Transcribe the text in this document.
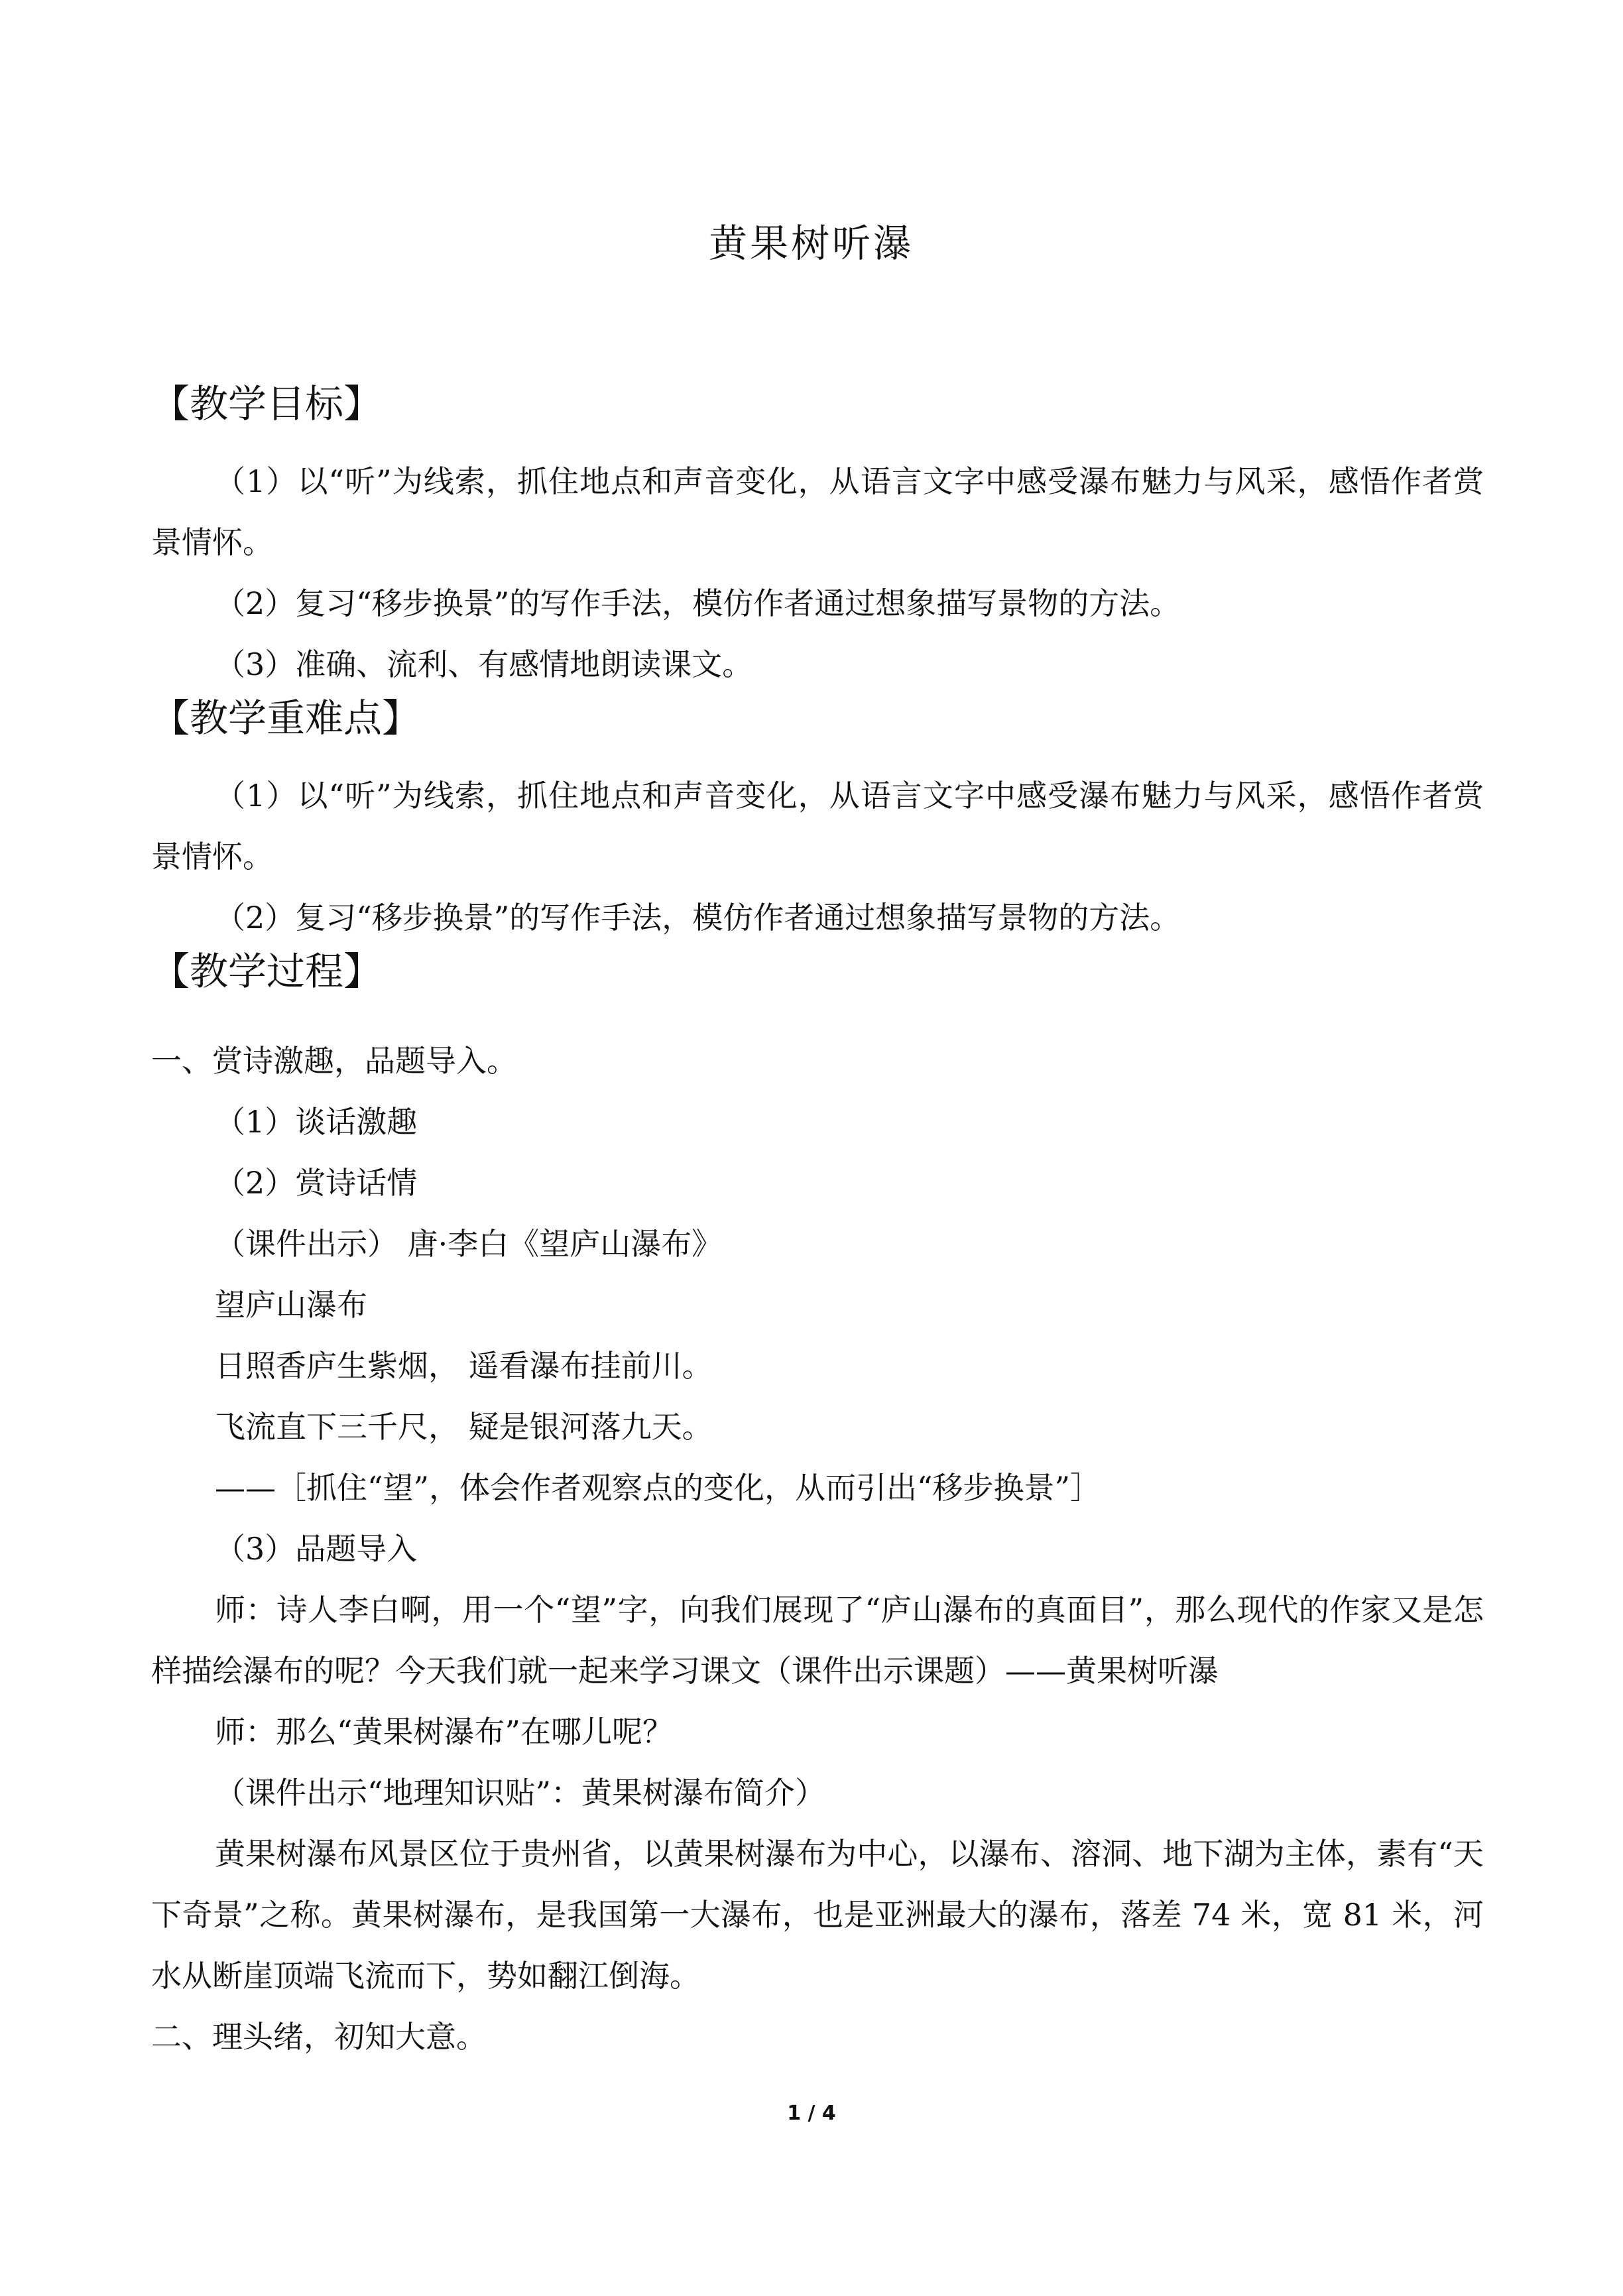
黄果树听瀑
【教学目标】
（1）以“听”为线索，抓住地点和声音变化，从语言文字中感受瀑布魅力与风采，感悟作者赏景情怀。
（2）复习“移步换景”的写作手法，模仿作者通过想象描写景物的方法。
（3）准确、流利、有感情地朗读课文。
【教学重难点】
（1）以“听”为线索，抓住地点和声音变化，从语言文字中感受瀑布魅力与风采，感悟作者赏景情怀。
（2）复习“移步换景”的写作手法，模仿作者通过想象描写景物的方法。
【教学过程】
一、赏诗激趣，品题导入。
（1）谈话激趣
（2）赏诗话情
（课件出示） 唐·李白《望庐山瀑布》
望庐山瀑布
日照香庐生紫烟， 遥看瀑布挂前川。
飞流直下三千尺， 疑是银河落九天。
——［抓住“望”，体会作者观察点的变化，从而引出“移步换景”］
（3）品题导入
师：诗人李白啊，用一个“望”字，向我们展现了“庐山瀑布的真面目”，那么现代的作家又是怎样描绘瀑布的呢？今天我们就一起来学习课文（课件出示课题）——黄果树听瀑
师：那么“黄果树瀑布”在哪儿呢？
（课件出示“地理知识贴”：黄果树瀑布简介）
黄果树瀑布风景区位于贵州省，以黄果树瀑布为中心，以瀑布、溶洞、地下湖为主体，素有“天下奇景”之称。黄果树瀑布，是我国第一大瀑布，也是亚洲最大的瀑布，落差 74 米，宽 81 米，河水从断崖顶端飞流而下，势如翻江倒海。
二、理头绪，初知大意。
1 / 4
